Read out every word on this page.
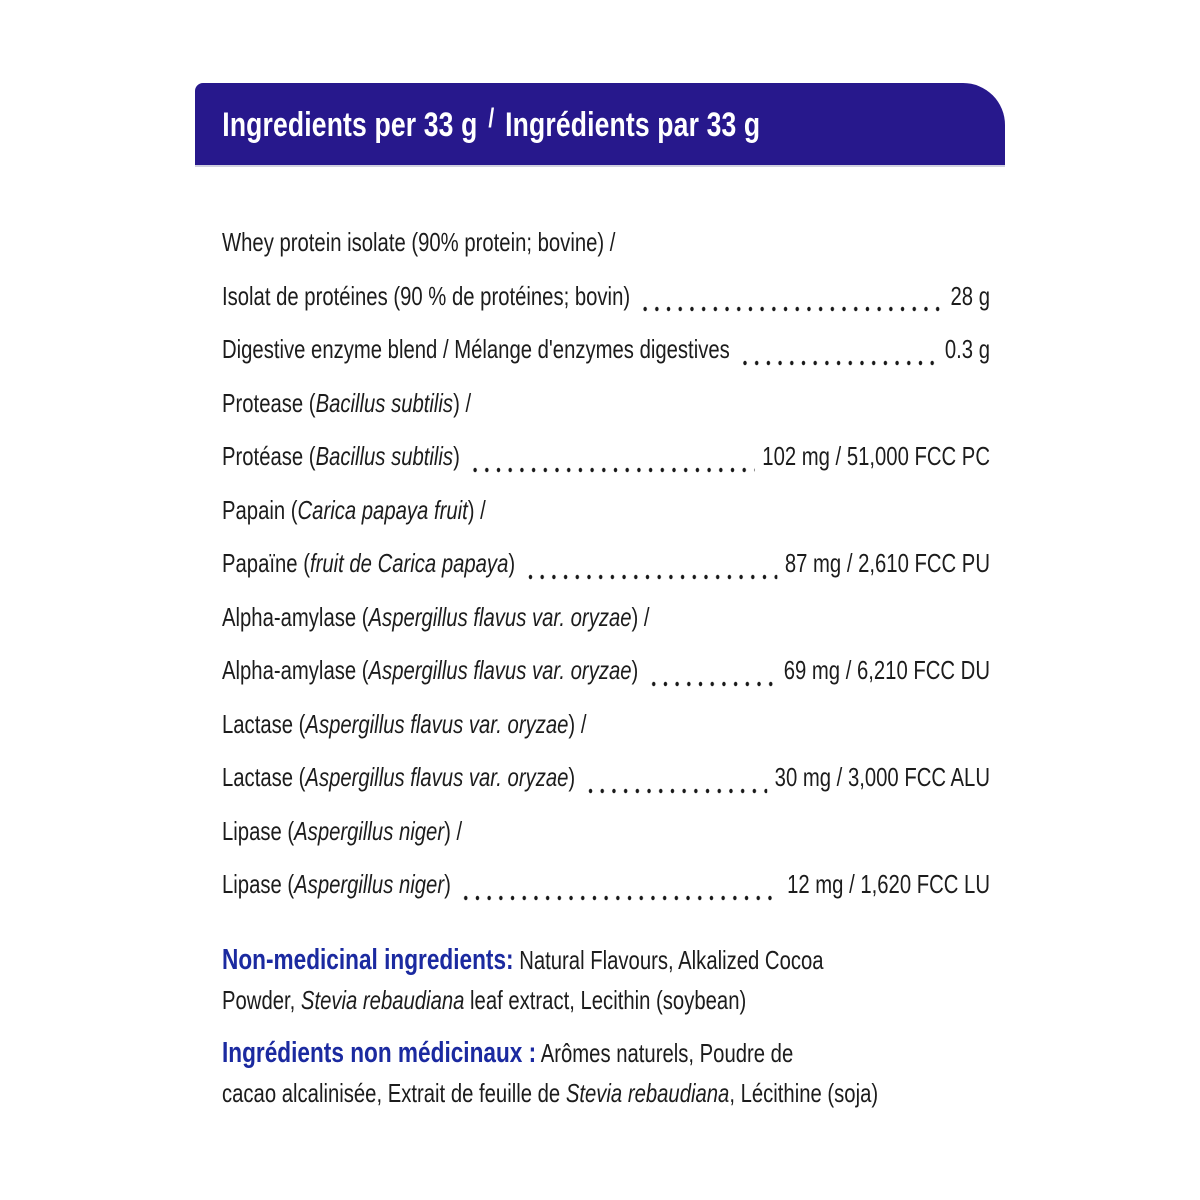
Ingredients per 33 g / Ingrédients par 33 g
Whey protein isolate (90% protein; bovine) /
Isolat de protéines (90 % de protéines; bovin)	28 g
Digestive enzyme blend / Mélange d'enzymes digestives	0.3 g
Protease (Bacillus subtilis) /
Protéase (Bacillus subtilis)	102 mg / 51,000 FCC PC
Papain (Carica papaya fruit) /
Papaïne (fruit de Carica papaya)	87 mg / 2,610 FCC PU
Alpha-amylase (Aspergillus flavus var. oryzae) /
Alpha-amylase (Aspergillus flavus var. oryzae)	69 mg / 6,210 FCC DU
Lactase (Aspergillus flavus var. oryzae) /
Lactase (Aspergillus flavus var. oryzae)	30 mg / 3,000 FCC ALU
Lipase (Aspergillus niger) /
Lipase (Aspergillus niger)	12 mg / 1,620 FCC LU
Non-medicinal ingredients: Natural Flavours, Alkalized Cocoa
Powder, Stevia rebaudiana leaf extract, Lecithin (soybean)
Ingrédients non médicinaux : Arômes naturels, Poudre de
cacao alcalinisée, Extrait de feuille de Stevia rebaudiana, Lécithine (soja)
